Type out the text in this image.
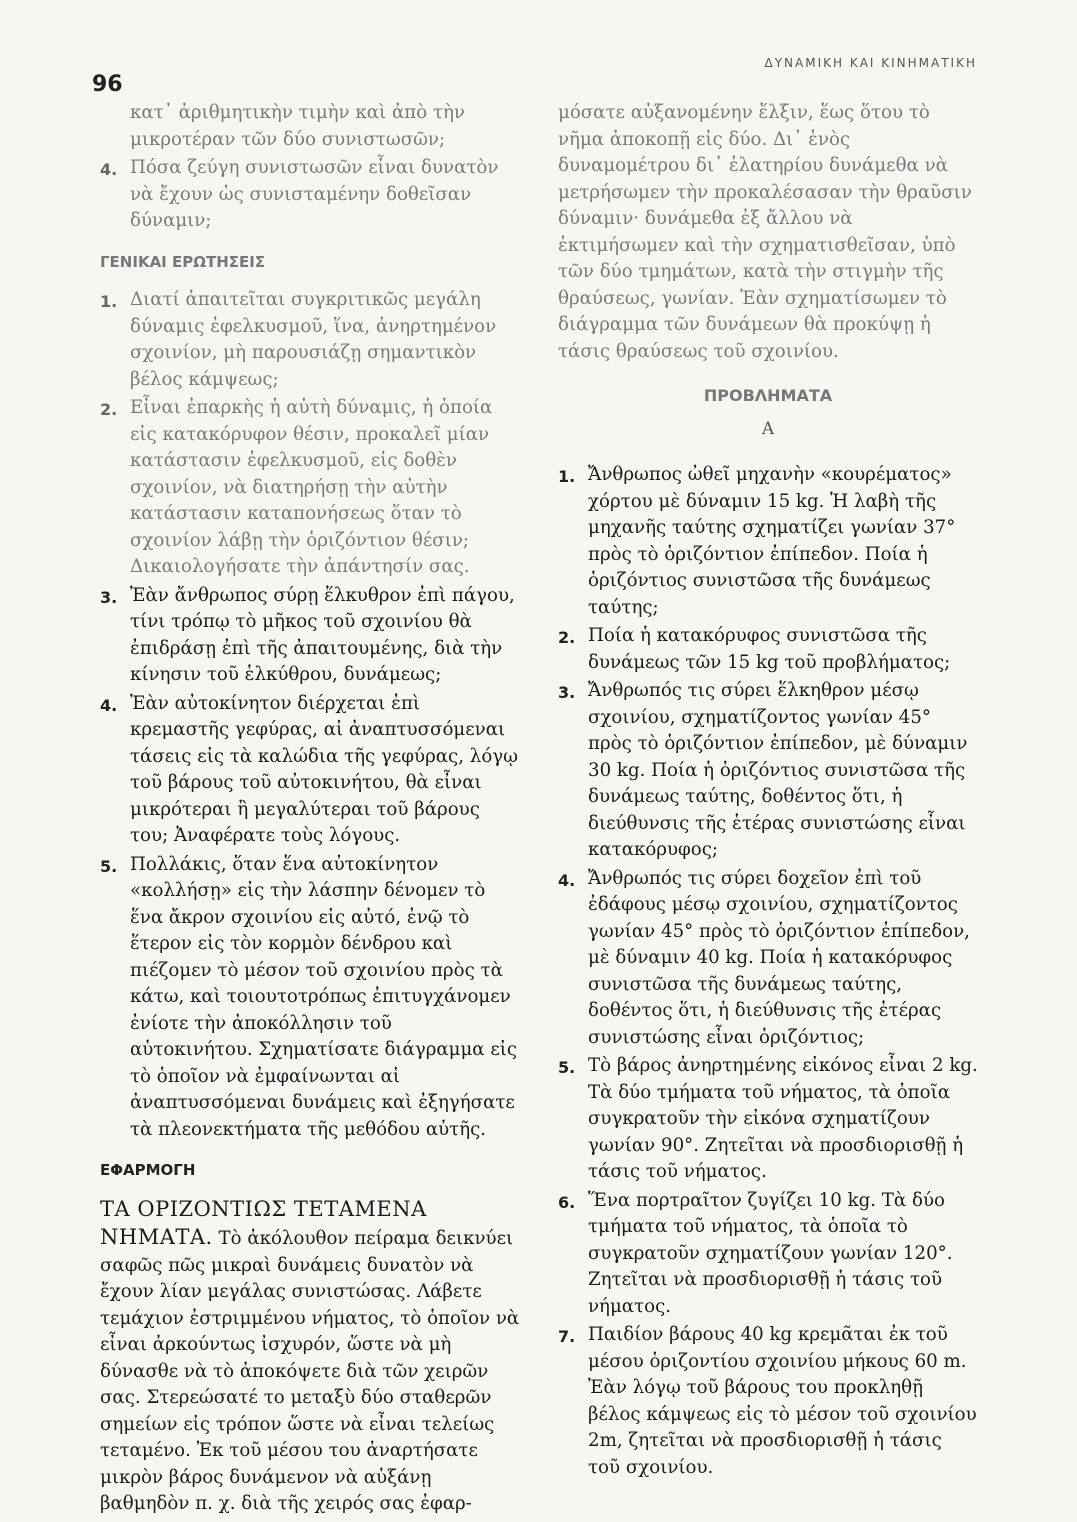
96
ΔΥΝΑΜΙΚΗ ΚΑΙ ΚΙΝΗΜΑΤΙΚΗ
κατ᾽ ἀριθμητικὴν τιμὴν καὶ ἀπὸ τὴν μικροτέραν τῶν δύο συνιστωσῶν;
4. Πόσα ζεύγη συνιστωσῶν εἶναι δυνατὸν νὰ ἔχουν ὡς συνισταμένην δοθεῖσαν δύναμιν;
ΓΕΝΙΚΑΙ ΕΡΩΤΗΣΕΙΣ
1. Διατί ἀπαιτεῖται συγκριτικῶς μεγάλη δύναμις ἐφελκυσμοῦ, ἵνα, ἀνηρτημένον σχοινίον, μὴ παρουσιάζῃ σημαντικὸν βέλος κάμψεως;
2. Εἶναι ἐπαρκὴς ἡ αὐτὴ δύναμις, ἡ ὁποία εἰς κατακόρυφον θέσιν, προκαλεῖ μίαν κατάστασιν ἐφελκυσμοῦ, εἰς δοθὲν σχοινίον, νὰ διατηρήσῃ τὴν αὐτὴν κατάστασιν καταπονήσεως ὅταν τὸ σχοινίον λάβῃ τὴν ὁριζόντιον θέσιν; Δικαιολογήσατε τὴν ἀπάντησίν σας.
3. Ἐὰν ἄνθρωπος σύρῃ ἕλκυθρον ἐπὶ πάγου, τίνι τρόπῳ τὸ μῆκος τοῦ σχοινίου θὰ ἐπιδράσῃ ἐπὶ τῆς ἀπαιτουμένης, διὰ τὴν κίνησιν τοῦ ἑλκύθρου, δυνάμεως;
4. Ἐὰν αὐτοκίνητον διέρχεται ἐπὶ κρεμαστῆς γεφύρας, αἱ ἀναπτυσσόμεναι τάσεις εἰς τὰ καλώδια τῆς γεφύρας, λόγῳ τοῦ βάρους τοῦ αὐτοκινήτου, θὰ εἶναι μικρότεραι ἢ μεγαλύτεραι τοῦ βάρους του; Ἀναφέρατε τοὺς λόγους.
5. Πολλάκις, ὅταν ἕνα αὐτοκίνητον «κολλήσῃ» εἰς τὴν λάσπην δένομεν τὸ ἕνα ἄκρον σχοινίου εἰς αὐτό, ἐνῷ τὸ ἕτερον εἰς τὸν κορμὸν δένδρου καὶ πιέζομεν τὸ μέσον τοῦ σχοινίου πρὸς τὰ κάτω, καὶ τοιουτοτρόπως ἐπιτυγχάνομεν ἐνίοτε τὴν ἀποκόλλησιν τοῦ αὐτοκινήτου. Σχηματίσατε διάγραμμα εἰς τὸ ὁποῖον νὰ ἐμφαίνωνται αἱ ἀναπτυσσόμεναι δυνάμεις καὶ ἐξηγήσατε τὰ πλεονεκτήματα τῆς μεθόδου αὐτῆς.
ΕΦΑΡΜΟΓΗ
ΤΑ ΟΡΙΖΟΝΤΙΩΣ ΤΕΤΑΜΕΝΑ ΝΗΜΑΤΑ. Τὸ ἀκόλουθον πείραμα δεικνύει σαφῶς πῶς μικραὶ δυνάμεις δυνατὸν νὰ ἔχουν λίαν μεγάλας συνιστώσας. Λάβετε τεμάχιον ἐστριμμένου νήματος, τὸ ὁποῖον νὰ εἶναι ἀρκούντως ἰσχυρόν, ὥστε νὰ μὴ δύνασθε νὰ τὸ ἀποκόψετε διὰ τῶν χειρῶν σας. Στερεώσατέ το μεταξὺ δύο σταθερῶν σημείων εἰς τρόπον ὥστε νὰ εἶναι τελείως τεταμένο. Ἐκ τοῦ μέσου του ἀναρτήσατε μικρὸν βάρος δυνάμενον νὰ αὐξάνῃ βαθμηδὸν π. χ. διὰ τῆς χειρός σας ἐφαρ-
μόσατε αὐξανομένην ἕλξιν, ἕως ὅτου τὸ νῆμα ἀποκοπῇ εἰς δύο. Δι᾽ ἑνὸς δυναμομέτρου δι᾽ ἐλατηρίου δυνάμεθα νὰ μετρήσωμεν τὴν προκαλέσασαν τὴν θραῦσιν δύναμιν· δυνάμεθα ἐξ ἄλλου νὰ ἐκτιμήσωμεν καὶ τὴν σχηματισθεῖσαν, ὑπὸ τῶν δύο τμημάτων, κατὰ τὴν στιγμὴν τῆς θραύσεως, γωνίαν. Ἐὰν σχηματίσωμεν τὸ διάγραμμα τῶν δυνάμεων θὰ προκύψῃ ἡ τάσις θραύσεως τοῦ σχοινίου.
ΠΡΟΒΛΗΜΑΤΑ
Α
1. Ἄνθρωπος ὠθεῖ μηχανὴν «κουρέματος» χόρτου μὲ δύναμιν 15 kg. Ἡ λαβὴ τῆς μηχανῆς ταύτης σχηματίζει γωνίαν 37° πρὸς τὸ ὁριζόντιον ἐπίπεδον. Ποία ἡ ὁριζόντιος συνιστῶσα τῆς δυνάμεως ταύτης;
2. Ποία ἡ κατακόρυφος συνιστῶσα τῆς δυνάμεως τῶν 15 kg τοῦ προβλήματος;
3. Ἄνθρωπός τις σύρει ἕλκηθρον μέσῳ σχοινίου, σχηματίζοντος γωνίαν 45° πρὸς τὸ ὁριζόντιον ἐπίπεδον, μὲ δύναμιν 30 kg. Ποία ἡ ὁριζόντιος συνιστῶσα τῆς δυνάμεως ταύτης, δοθέντος ὅτι, ἡ διεύθυνσις τῆς ἑτέρας συνιστώσης εἶναι κατακόρυφος;
4. Ἄνθρωπός τις σύρει δοχεῖον ἐπὶ τοῦ ἐδάφους μέσῳ σχοινίου, σχηματίζοντος γωνίαν 45° πρὸς τὸ ὁριζόντιον ἐπίπεδον, μὲ δύναμιν 40 kg. Ποία ἡ κατακόρυφος συνιστῶσα τῆς δυνάμεως ταύτης, δοθέντος ὅτι, ἡ διεύθυνσις τῆς ἑτέρας συνιστώσης εἶναι ὁριζόντιος;
5. Τὸ βάρος ἀνηρτημένης εἰκόνος εἶναι 2 kg. Τὰ δύο τμήματα τοῦ νήματος, τὰ ὁποῖα συγκρατοῦν τὴν εἰκόνα σχηματίζουν γωνίαν 90°. Ζητεῖται νὰ προσδιορισθῇ ἡ τάσις τοῦ νήματος.
6. Ἕνα πορτραῖτον ζυγίζει 10 kg. Τὰ δύο τμήματα τοῦ νήματος, τὰ ὁποῖα τὸ συγκρατοῦν σχηματίζουν γωνίαν 120°. Ζητεῖται νὰ προσδιορισθῇ ἡ τάσις τοῦ νήματος.
7. Παιδίον βάρους 40 kg κρεμᾶται ἐκ τοῦ μέσου ὁριζοντίου σχοινίου μήκους 60 m. Ἐὰν λόγῳ τοῦ βάρους του προκληθῇ βέλος κάμψεως εἰς τὸ μέσον τοῦ σχοινίου 2m, ζητεῖται νὰ προσδιορισθῇ ἡ τάσις τοῦ σχοινίου.
